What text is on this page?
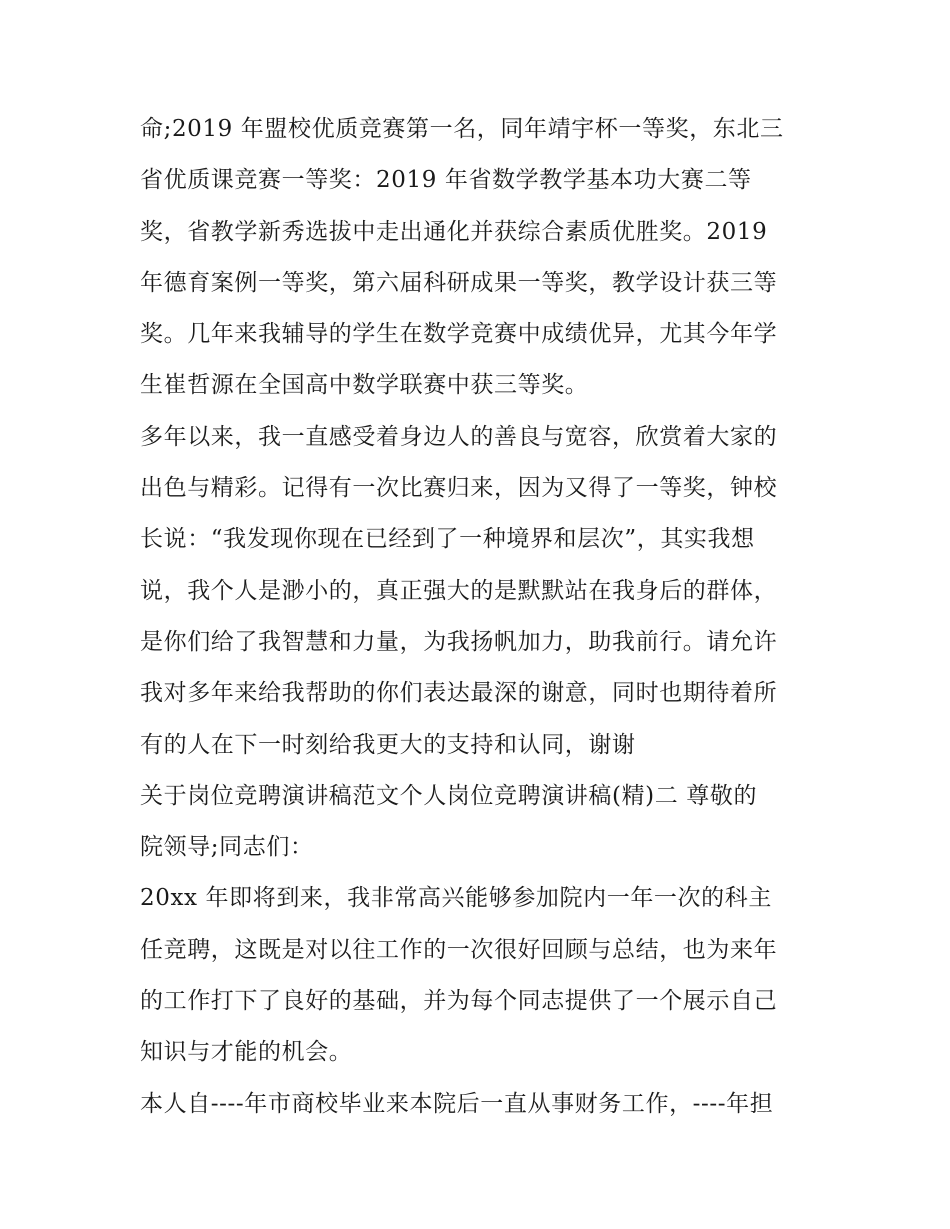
命;2019 年盟校优质竞赛第一名，同年靖宇杯一等奖，东北三
省优质课竞赛一等奖：2019 年省数学教学基本功大赛二等
奖，省教学新秀选拔中走出通化并获综合素质优胜奖。2019
年德育案例一等奖，第六届科研成果一等奖，教学设计获三等
奖。几年来我辅导的学生在数学竞赛中成绩优异，尤其今年学
生崔哲源在全国高中数学联赛中获三等奖。
多年以来，我一直感受着身边人的善良与宽容，欣赏着大家的
出色与精彩。记得有一次比赛归来，因为又得了一等奖，钟校
长说：“我发现你现在已经到了一种境界和层次”，其实我想
说，我个人是渺小的，真正强大的是默默站在我身后的群体，
是你们给了我智慧和力量，为我扬帆加力，助我前行。请允许
我对多年来给我帮助的你们表达最深的谢意，同时也期待着所
有的人在下一时刻给我更大的支持和认同，谢谢
关于岗位竞聘演讲稿范文个人岗位竞聘演讲稿(精)二 尊敬的
院领导;同志们：
20xx 年即将到来，我非常高兴能够参加院内一年一次的科主
任竞聘，这既是对以往工作的一次很好回顾与总结，也为来年
的工作打下了良好的基础，并为每个同志提供了一个展示自己
知识与才能的机会。
本人自----年市商校毕业来本院后一直从事财务工作，----年担
